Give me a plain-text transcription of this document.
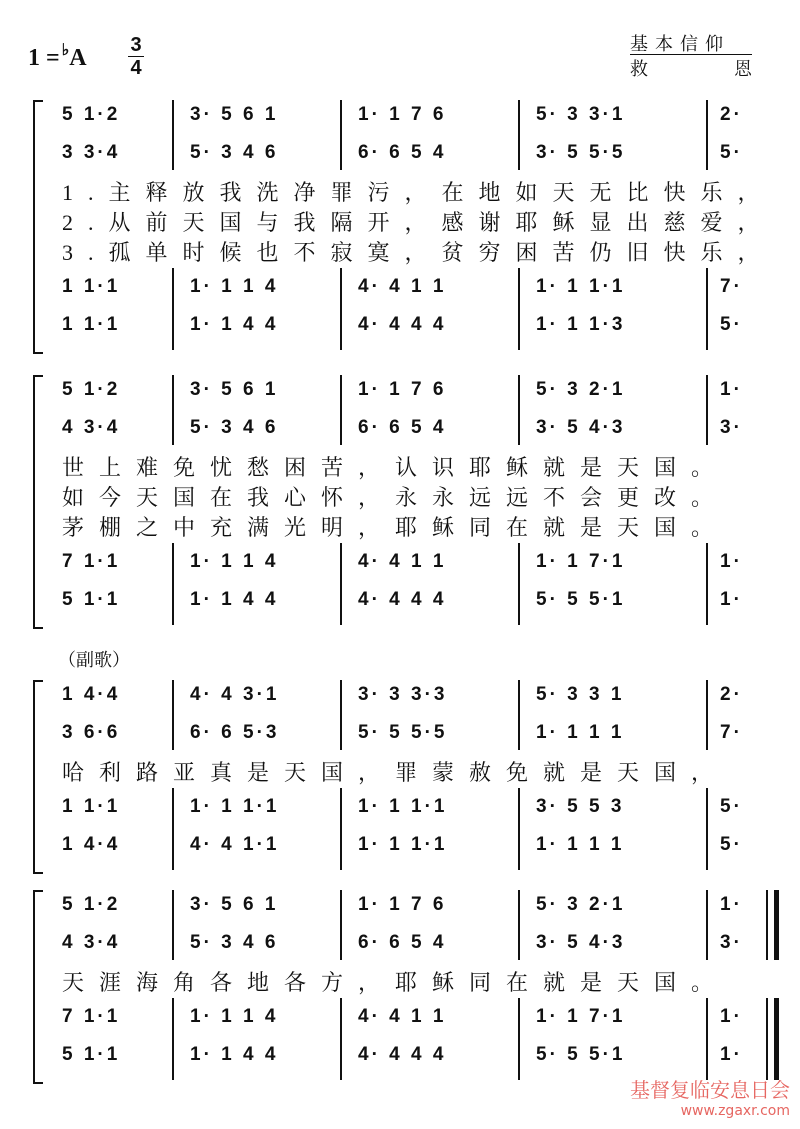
1 = ♭A 3
4
基本信仰
救	恩
（副歌）
5 1·2	3· 5 6 1	1· 1 7 6	5· 3 3·1	2·
3 3·4	5· 3 4 6	6· 6 5 4	3· 5 5·5	5·
1.主释放我洗净罪污，在地如天无比快乐，
2.从前天国与我隔开，感谢耶稣显出慈爱，
3.孤单时候也不寂寞，贫穷困苦仍旧快乐，
1 1·1	1· 1 1 4	4· 4 1 1	1· 1 1·1	7·
1 1·1	1· 1 4 4	4· 4 4 4	1· 1 1·3	5·
5 1·2	3· 5 6 1	1· 1 7 6	5· 3 2·1	1·
4 3·4	5· 3 4 6	6· 6 5 4	3· 5 4·3	3·
世上难免忧愁困苦，认识耶稣就是天国。
如今天国在我心怀，永永远远不会更改。
茅棚之中充满光明，耶稣同在就是天国。
7 1·1	1· 1 1 4	4· 4 1 1	1· 1 7·1	1·
5 1·1	1· 1 4 4	4· 4 4 4	5· 5 5·1	1·
1 4·4	4· 4 3·1	3· 3 3·3	5· 3 3 1	2·
3 6·6	6· 6 5·3	5· 5 5·5	1· 1 1 1	7·
哈利路亚真是天国，罪蒙赦免就是天国，
1 1·1	1· 1 1·1	1· 1 1·1	3· 5 5 3	5·
1 4·4	4· 4 1·1	1· 1 1·1	1· 1 1 1	5·
5 1·2	3· 5 6 1	1· 1 7 6	5· 3 2·1	1·
4 3·4	5· 3 4 6	6· 6 5 4	3· 5 4·3	3·
天涯海角各地各方，耶稣同在就是天国。
7 1·1	1· 1 1 4	4· 4 1 1	1· 1 7·1	1·
5 1·1	1· 1 4 4	4· 4 4 4	5· 5 5·1	1·
基督复临安息日会
www.zgaxr.com
